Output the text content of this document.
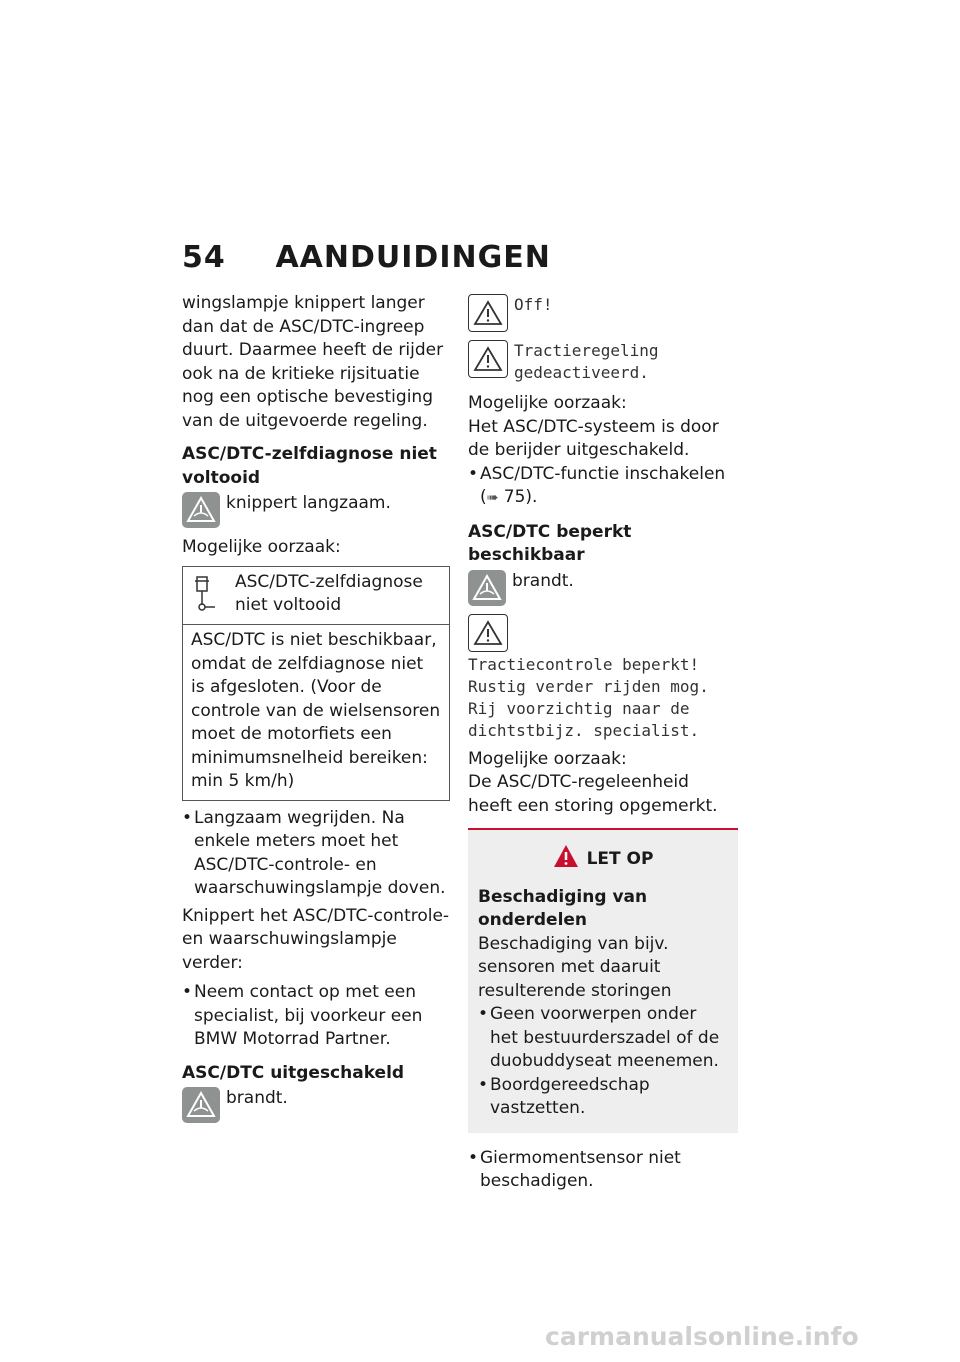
54 AANDUIDINGEN

wingslampje knippert langer dan dat de ASC/DTC-ingreep duurt. Daarmee heeft de rijder ook na de kritieke rijsituatie nog een optische bevestiging van de uitgevoerde regeling.

ASC/DTC-zelfdiagnose niet voltooid
knippert langzaam.

Mogelijke oorzaak:

ASC/DTC-zelfdiagnose niet voltooid
ASC/DTC is niet beschikbaar, omdat de zelfdiagnose niet is afgesloten. (Voor de controle van de wielsensoren moet de motorfiets een minimumsnelheid bereiken: min 5 km/h)
• Langzaam wegrijden. Na enkele meters moet het ASC/DTC-controle- en waarschuwingslampje doven.

Knippert het ASC/DTC-controle- en waarschuwingslampje verder:

• Neem contact op met een specialist, bij voorkeur een BMW Motorrad Partner.
ASC/DTC uitgeschakeld
brandt.
Off!
Tractieregeling gedeactiveerd.

Mogelijke oorzaak:

Het ASC/DTC-systeem is door de berijder uitgeschakeld.

• ASC/DTC-functie inschakelen (➠ 75).
ASC/DTC beperkt beschikbaar
brandt.

Tractiecontrole beperkt! Rustig verder rijden mog. Rij voorzichtig naar de dichtstbijz. specialist.

Mogelijke oorzaak:

De ASC/DTC-regeleenheid heeft een storing opgemerkt.

LET OP
Beschadiging van onderdelen

Beschadiging van bijv. sensoren met daaruit resulterende storingen

• Geen voorwerpen onder het bestuurderszadel of de duobuddyseat meenemen.
• Boordgereedschap vastzetten.
• Giermomentsensor niet beschadigen.
carmanualsonline.info
